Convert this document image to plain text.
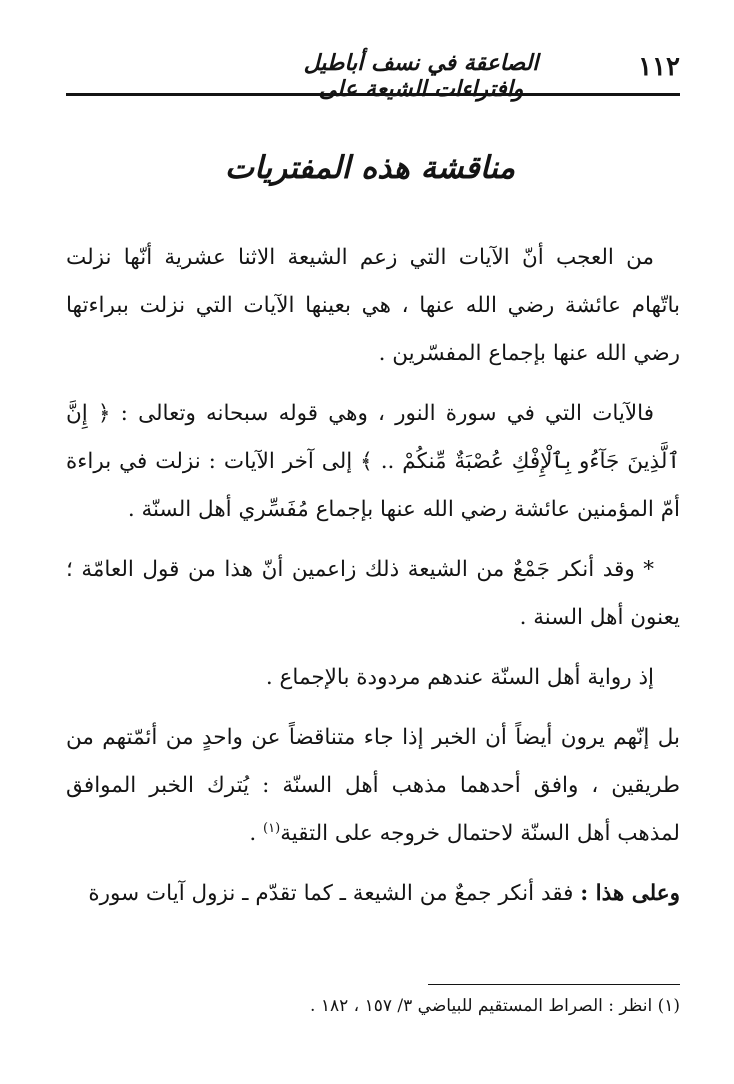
١١٢
الصاعقة في نسف أباطيل وافتراءات الشيعة على
مناقشة هذه المفتريات

من العجب أنّ الآيات التي زعم الشيعة الاثنا عشرية أنّها نزلت باتّهام عائشة رضي الله عنها ، هي بعينها الآيات التي نزلت ببراءتها رضي الله عنها بإجماع المفسّرين .

فالآيات التي في سورة النور ، وهي قوله سبحانه وتعالى : ﴿ إِنَّ ٱلَّذِينَ جَآءُو بِٱلْإِفْكِ عُصْبَةٌ مِّنكُمْ .. ﴾ إلى آخر الآيات : نزلت في براءة أمّ المؤمنين عائشة رضي الله عنها بإجماع مُفَسِّري أهل السنّة .

* وقد أنكر جَمْعٌ من الشيعة ذلك زاعمين أنّ هذا من قول العامّة ؛ يعنون أهل السنة .

إذ رواية أهل السنّة عندهم مردودة بالإجماع .

بل إنّهم يرون أيضاً أن الخبر إذا جاء متناقضاً عن واحدٍ من أئمّتهم من طريقين ، وافق أحدهما مذهب أهل السنّة : يُترك الخبر الموافق لمذهب أهل السنّة لاحتمال خروجه على التقية$^{(١)}$ .

وعلى هذا : فقد أنكر جمعٌ من الشيعة ـ كما تقدّم ـ نزول آيات سورة

(١) انظر : الصراط المستقيم للبياضي ٣/ ١٥٧ ، ١٨٢ .
